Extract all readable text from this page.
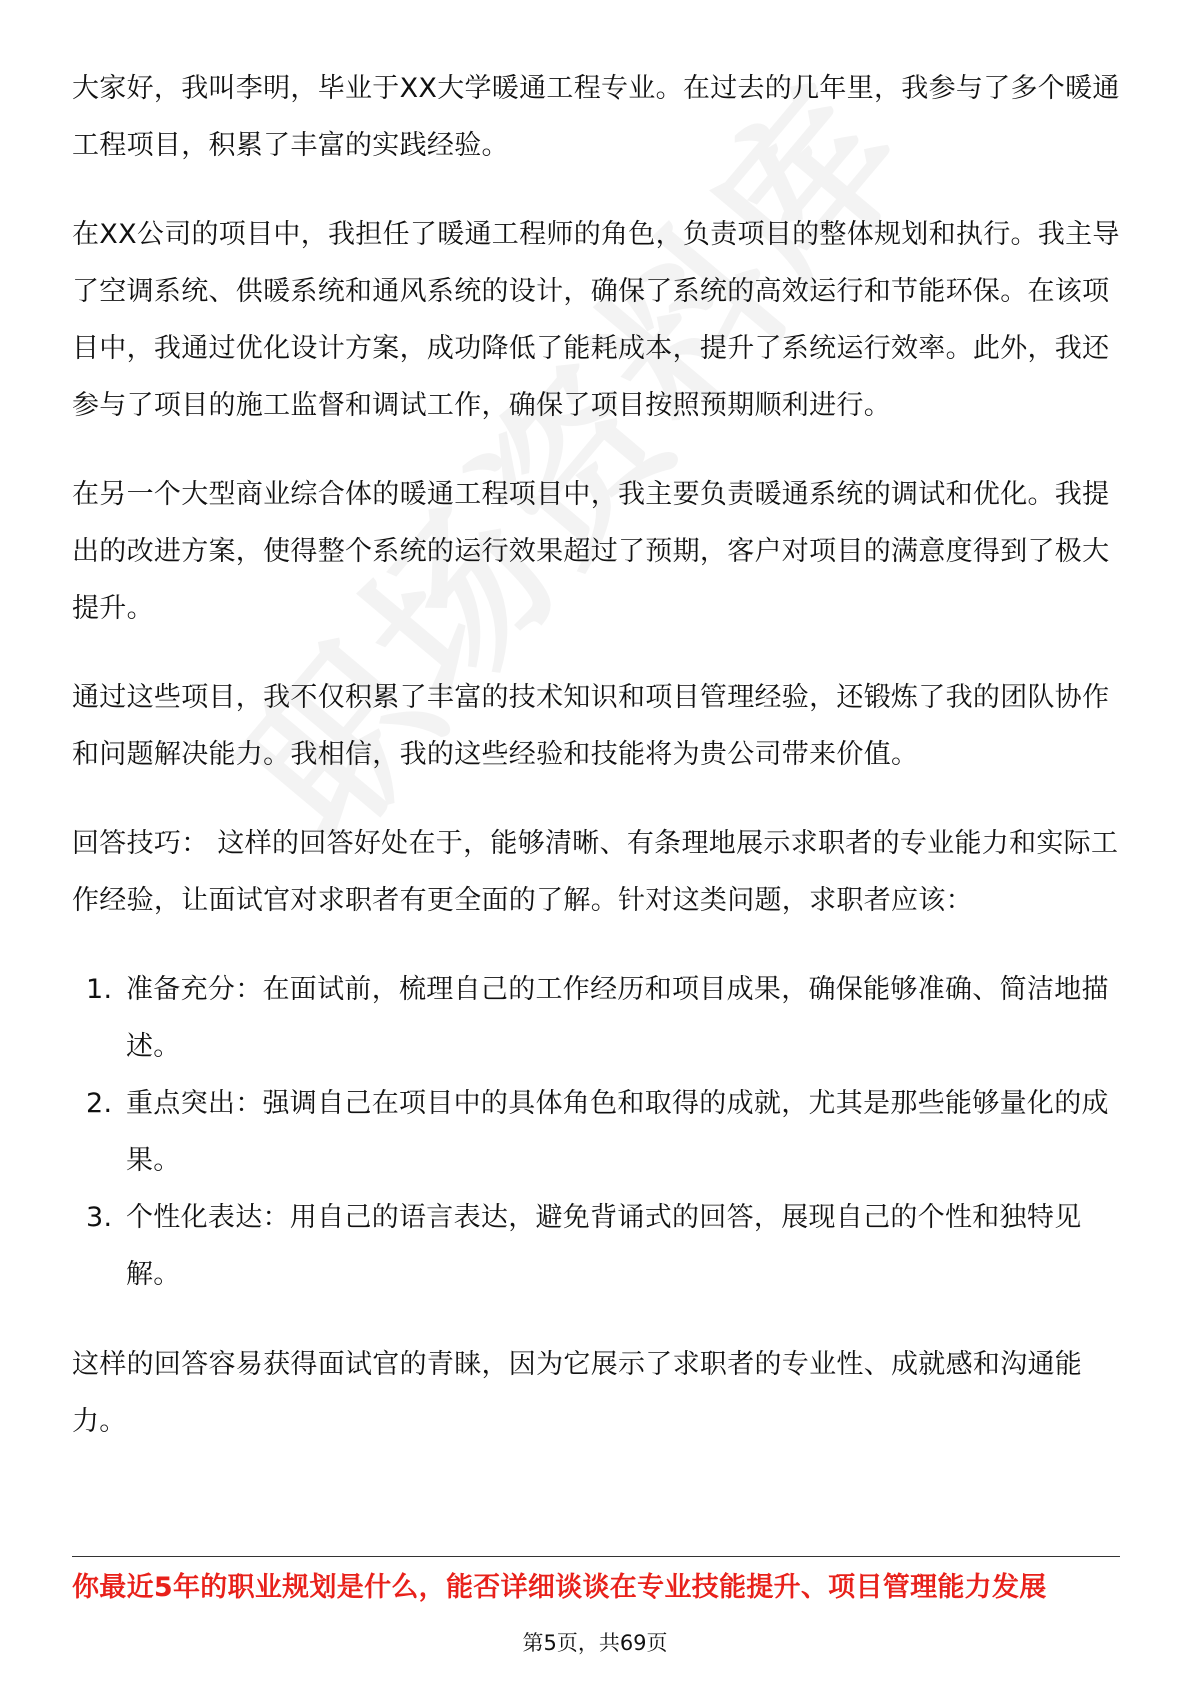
大家好，我叫李明，毕业于XX大学暖通工程专业。在过去的几年里，我参与了多个暖通工程项目，积累了丰富的实践经验。

在XX公司的项目中，我担任了暖通工程师的角色，负责项目的整体规划和执行。我主导了空调系统、供暖系统和通风系统的设计，确保了系统的高效运行和节能环保。在该项目中，我通过优化设计方案，成功降低了能耗成本，提升了系统运行效率。此外，我还参与了项目的施工监督和调试工作，确保了项目按照预期顺利进行。

在另一个大型商业综合体的暖通工程项目中，我主要负责暖通系统的调试和优化。我提出的改进方案，使得整个系统的运行效果超过了预期，客户对项目的满意度得到了极大提升。

通过这些项目，我不仅积累了丰富的技术知识和项目管理经验，还锻炼了我的团队协作和问题解决能力。我相信，我的这些经验和技能将为贵公司带来价值。

回答技巧： 这样的回答好处在于，能够清晰、有条理地展示求职者的专业能力和实际工作经验，让面试官对求职者有更全面的了解。针对这类问题，求职者应该：

1. 准备充分：在面试前，梳理自己的工作经历和项目成果，确保能够准确、简洁地描述。
2. 重点突出：强调自己在项目中的具体角色和取得的成就，尤其是那些能够量化的成果。
3. 个性化表达：用自己的语言表达，避免背诵式的回答，展现自己的个性和独特见解。

这样的回答容易获得面试官的青睐，因为它展示了求职者的专业性、成就感和沟通能力。

你最近5年的职业规划是什么，能否详细谈谈在专业技能提升、项目管理能力发展
第5页，共69页
